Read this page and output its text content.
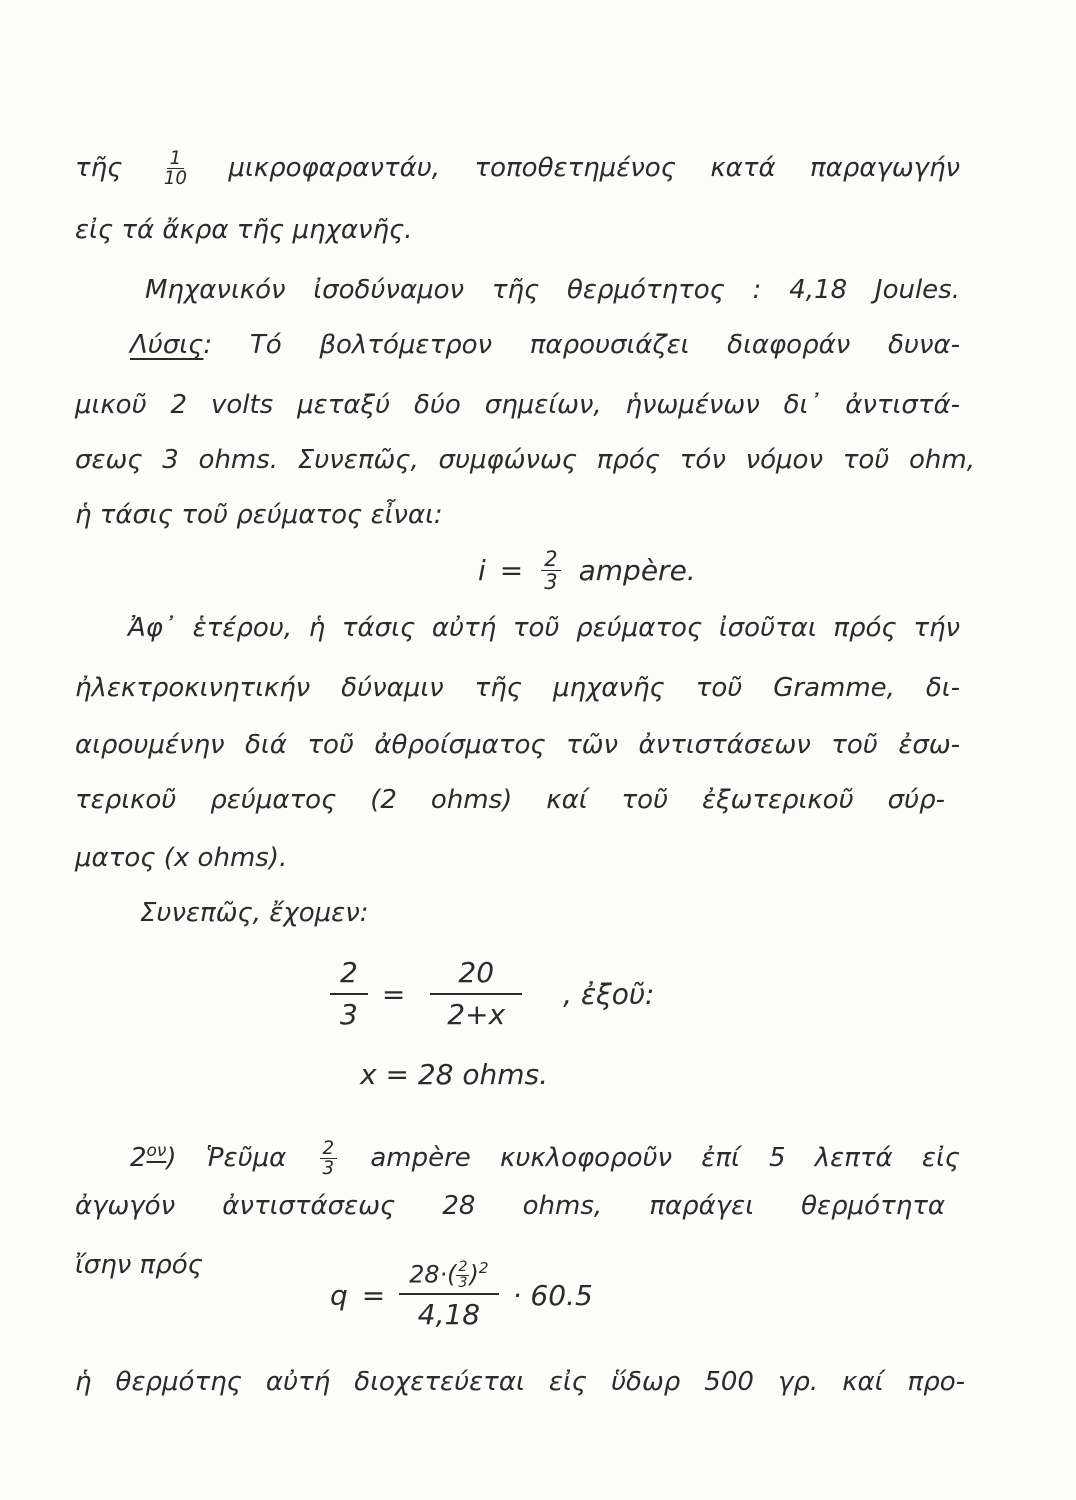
τῆς $\frac{1}{10} \mu\iota\kappa\rho o\varphi\alpha\rho\alpha\nu\tau ά\upsilon$, τοποθετημένος κατά παραγωγήν
εἰς τά ἄκρα τῆς μηχανῆς.
Μηχανικόν ἰσοδύναμον τῆς θερμότητος : 4,18 Joules.
Λύσις: Τό βολτόμετρον παρουσιάζει διαφοράν δυνα-
μικοῦ 2 volts μεταξύ δύο σημείων, ἡνωμένων δι᾽ ἀντιστά-
σεως 3 ohms. Συνεπῶς, συμφώνως πρός τόν νόμον τοῦ ohm,
ἡ τάσις τοῦ ρεύματος εἶναι:
$i = \frac{2}{3}$ ampère.
Ἀφ᾽ ἑτέρου, ἡ τάσις αὐτή τοῦ ρεύματος ἰσοῦται πρός τήν
ἠλεκτροκινητικήν δύναμιν τῆς μηχανῆς τοῦ Gramme, δι-
αιρουμένην διά τοῦ ἀθροίσματος τῶν ἀντιστάσεων τοῦ ἐσω-
τερικοῦ ρεύματος (2 ohms) καί τοῦ ἐξωτερικοῦ σύρ-
ματος (x ohms).
Συνεπῶς, ἔχομεν:
$\frac{2}{3} = \frac{20}{2+x}$ , ἐξοῦ:
x = 28 ohms.
$2^{o\nu}$) Ῥεῦμα $\frac{2}{3}$ ampère κυκλοφοροῦν ἐπί 5 λεπτά εἰς
ἀγωγόν ἀντιστάσεως 28 ohms, παράγει θερμότητα
ἴσην πρός
$q = \frac{28\cdot( \frac{2}{3} )^2}{4,18} \cdot 60.5$
ἡ θερμότης αὐτή διοχετεύεται εἰς ὕδωρ 500 γρ. καί προ-
